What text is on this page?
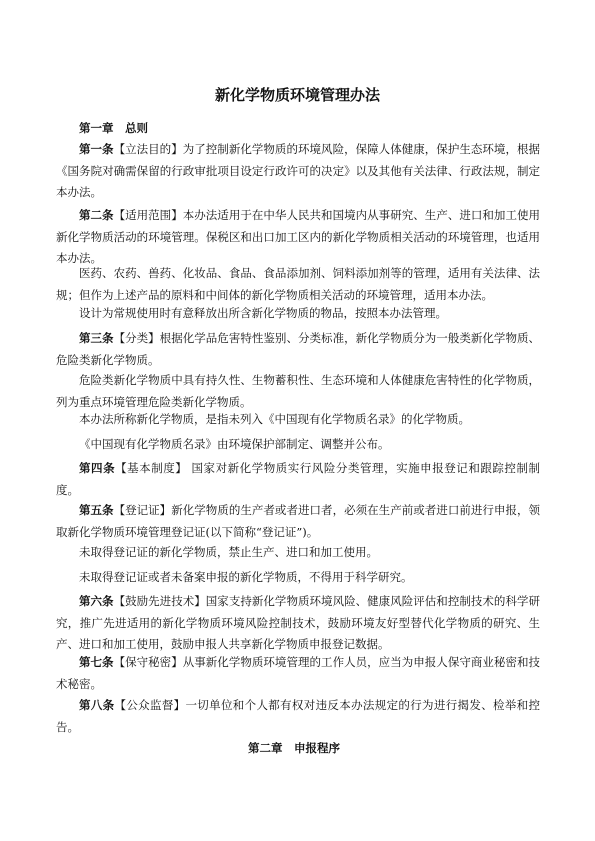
新化学物质环境管理办法

第一章　总则

第一条【立法目的】为了控制新化学物质的环境风险，保障人体健康，保护生态环境，根据《国务院对确需保留的行政审批项目设定行政许可的决定》以及其他有关法律、行政法规，制定本办法。

第二条【适用范围】本办法适用于在中华人民共和国境内从事研究、生产、进口和加工使用新化学物质活动的环境管理。保税区和出口加工区内的新化学物质相关活动的环境管理，也适用本办法。

医药、农药、兽药、化妆品、食品、食品添加剂、饲料添加剂等的管理，适用有关法律、法规；但作为上述产品的原料和中间体的新化学物质相关活动的环境管理，适用本办法。

设计为常规使用时有意释放出所含新化学物质的物品，按照本办法管理。

第三条【分类】根据化学品危害特性鉴别、分类标准，新化学物质分为一般类新化学物质、危险类新化学物质。

危险类新化学物质中具有持久性、生物蓄积性、生态环境和人体健康危害特性的化学物质，列为重点环境管理危险类新化学物质。

本办法所称新化学物质，是指未列入《中国现有化学物质名录》的化学物质。

《中国现有化学物质名录》由环境保护部制定、调整并公布。

第四条【基本制度】 国家对新化学物质实行风险分类管理，实施申报登记和跟踪控制制度。

第五条【登记证】新化学物质的生产者或者进口者，必须在生产前或者进口前进行申报，领取新化学物质环境管理登记证(以下简称“登记证”)。

未取得登记证的新化学物质，禁止生产、进口和加工使用。

未取得登记证或者未备案申报的新化学物质，不得用于科学研究。

第六条【鼓励先进技术】国家支持新化学物质环境风险、健康风险评估和控制技术的科学研究，推广先进适用的新化学物质环境风险控制技术，鼓励环境友好型替代化学物质的研究、生产、进口和加工使用，鼓励申报人共享新化学物质申报登记数据。

第七条【保守秘密】从事新化学物质环境管理的工作人员，应当为申报人保守商业秘密和技术秘密。

第八条【公众监督】一切单位和个人都有权对违反本办法规定的行为进行揭发、检举和控告。

第二章　申报程序
